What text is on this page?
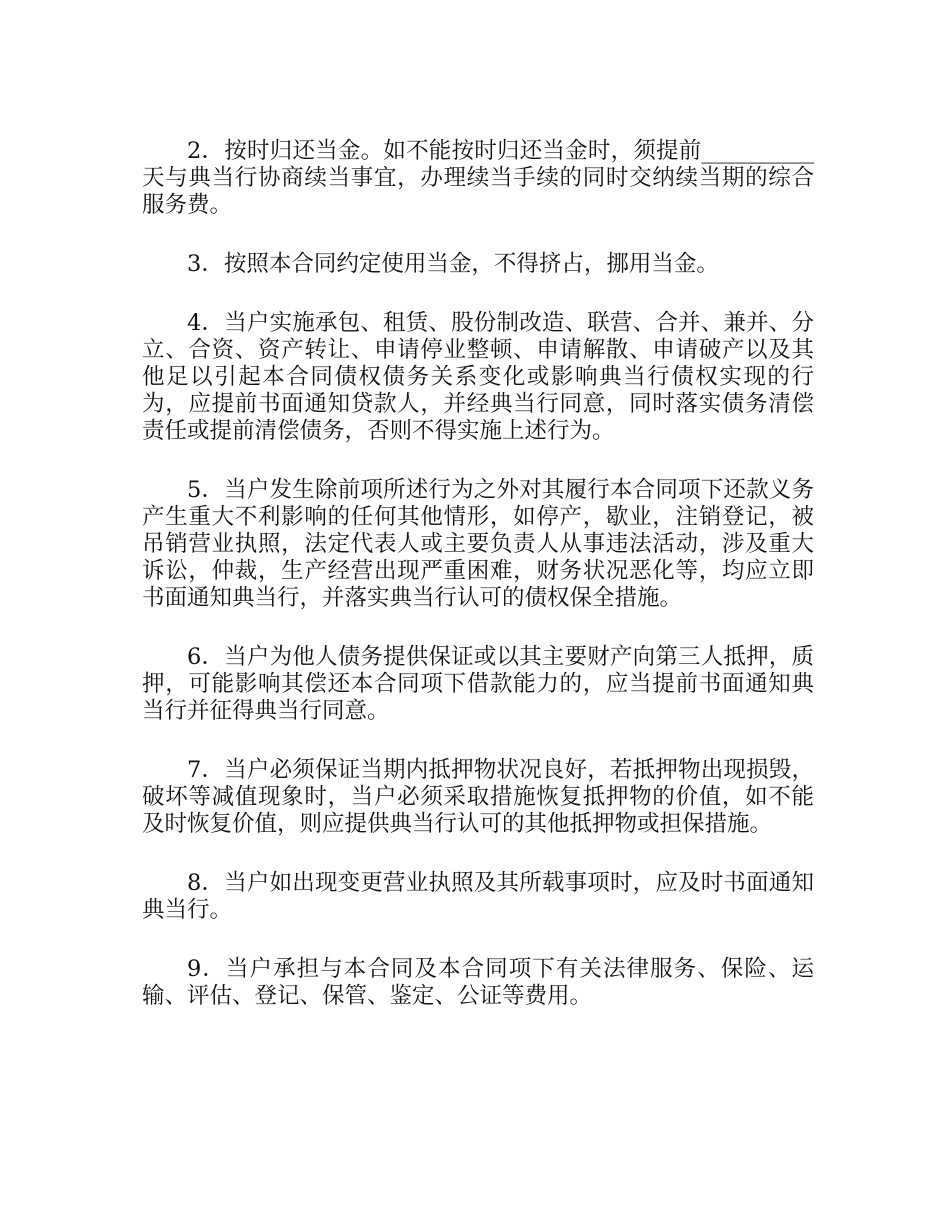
2．按时归还当金。如不能按时归还当金时，须提前__________天与典当行协商续当事宜，办理续当手续的同时交纳续当期的综合服务费。

3．按照本合同约定使用当金，不得挤占，挪用当金。

4．当户实施承包、租赁、股份制改造、联营、合并、兼并、分立、合资、资产转让、申请停业整顿、申请解散、申请破产以及其他足以引起本合同债权债务关系变化或影响典当行债权实现的行为，应提前书面通知贷款人，并经典当行同意，同时落实债务清偿责任或提前清偿债务，否则不得实施上述行为。

5．当户发生除前项所述行为之外对其履行本合同项下还款义务产生重大不利影响的任何其他情形，如停产，歇业，注销登记，被吊销营业执照，法定代表人或主要负责人从事违法活动，涉及重大诉讼，仲裁，生产经营出现严重困难，财务状况恶化等，均应立即书面通知典当行，并落实典当行认可的债权保全措施。

6．当户为他人债务提供保证或以其主要财产向第三人抵押，质押，可能影响其偿还本合同项下借款能力的，应当提前书面通知典当行并征得典当行同意。

7．当户必须保证当期内抵押物状况良好，若抵押物出现损毁，破坏等减值现象时，当户必须采取措施恢复抵押物的价值，如不能及时恢复价值，则应提供典当行认可的其他抵押物或担保措施。

8．当户如出现变更营业执照及其所载事项时，应及时书面通知典当行。

9．当户承担与本合同及本合同项下有关法律服务、保险、运输、评估、登记、保管、鉴定、公证等费用。
